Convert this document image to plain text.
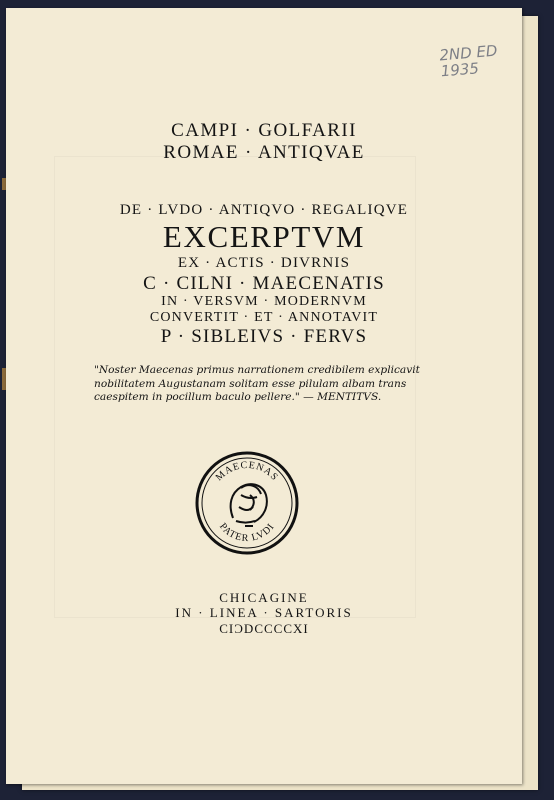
2ND ED
1935
CAMPI · GOLFARII
ROMAE · ANTIQVAE
DE · LVDO · ANTIQVO · REGALIQVE
EXCERPTVM
EX · ACTIS · DIVRNIS
C · CILNI · MAECENATIS
IN · VERSVM · MODERNVM
CONVERTIT · ET · ANNOTAVIT
P · SIBLEIVS · FERVS
"Noster Maecenas primus narrationem credibilem explicavit nobilitatem Augustanam solitam esse pilulam albam trans caespitem in pocillum baculo pellere." — MENTITVS.
MAECENAS
PATER LVDI
CHICAGINE
IN · LINEA · SARTORIS
CIƆDCCCCXI
